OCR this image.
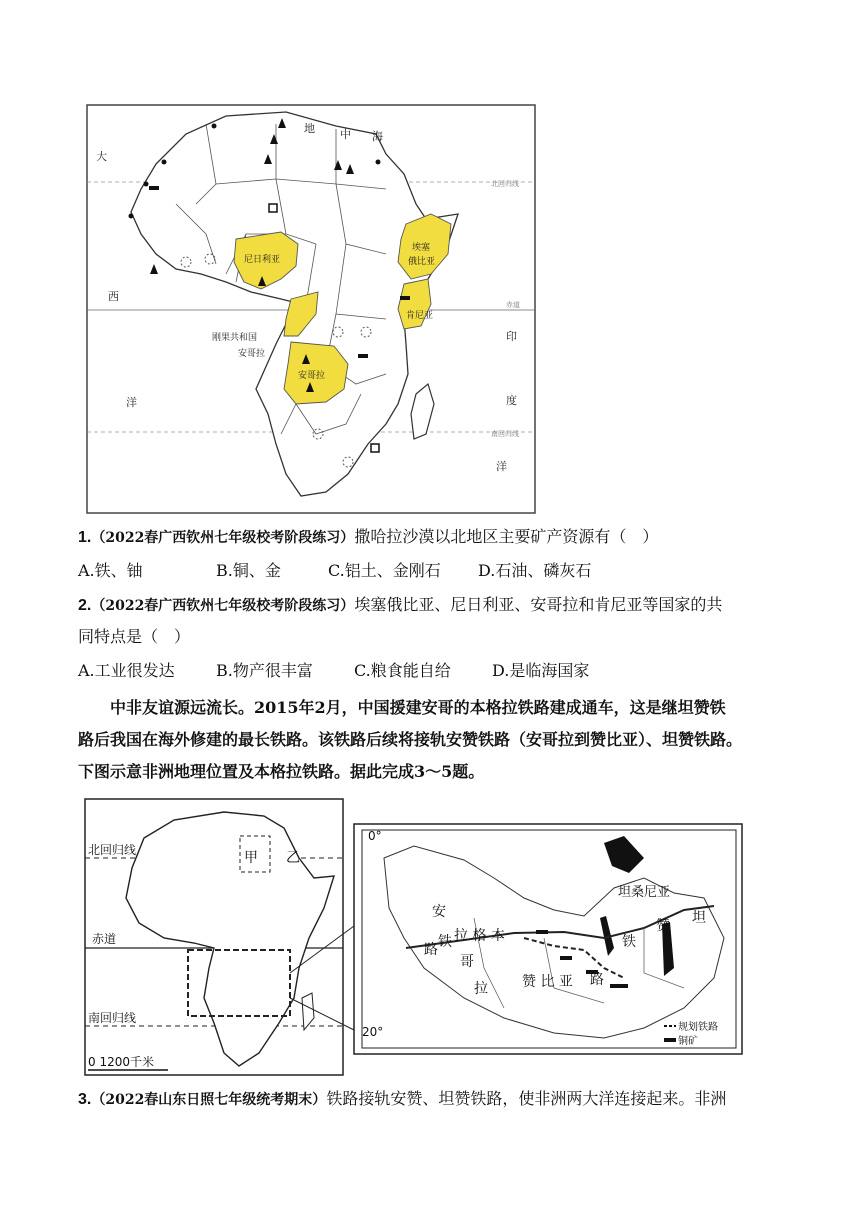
大
西
洋
地 中 海
印
度
洋
北回归线
赤道
南回归线
尼日利亚
埃塞
俄比亚
肯尼亚
刚果共和国
安哥拉
安哥拉
1.（2022春广西钦州七年级校考阶段练习）撒哈拉沙漠以北地区主要矿产资源有（　）
A.铁、铀	B.铜、金	C.铝土、金刚石 D.石油、磷灰石
2.（2022春广西钦州七年级校考阶段练习）埃塞俄比亚、尼日利亚、安哥拉和肯尼亚等国家的共
同特点是（　）
A.工业很发达	B.物产很丰富	C.粮食能自给	D.是临海国家
中非友谊源远流长。2015年2月，中国援建安哥的本格拉铁路建成通车，这是继坦赞铁
路后我国在海外修建的最长铁路。该铁路后续将接轨安赞铁路（安哥拉到赞比亚）、坦赞铁路。
下图示意非洲地理位置及本格拉铁路。据此完成3～5题。
北回归线
赤道
南回归线
甲 乙
0 1200千米
0°
20°
坦桑尼亚
安
哥
拉
路 铁 拉 格 本
赞 比 亚 路
铁
赞 坦
规划铁路
铜矿
3.（2022春山东日照七年级统考期末）铁路接轨安赞、坦赞铁路，使非洲两大洋连接起来。非洲
